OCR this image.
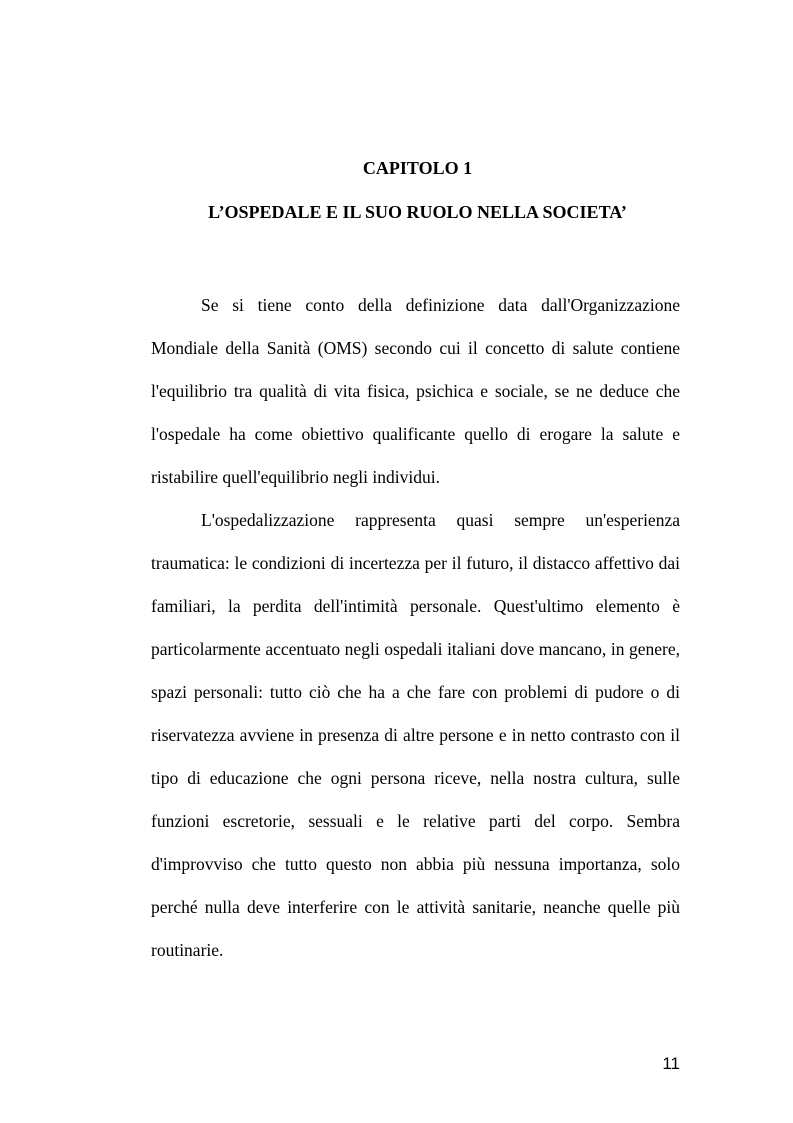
CAPITOLO 1
L’OSPEDALE E IL SUO RUOLO NELLA SOCIETA’

Se si tiene conto della definizione data dall'Organizzazione Mondiale della Sanità (OMS) secondo cui il concetto di salute contiene l'equilibrio tra qualità di vita fisica, psichica e sociale, se ne deduce che l'ospedale ha come obiettivo qualificante quello di erogare la salute e ristabilire quell'equilibrio negli individui.

L'ospedalizzazione rappresenta quasi sempre un'esperienza traumatica: le condizioni di incertezza per il futuro, il distacco affettivo dai familiari, la perdita dell'intimità personale. Quest'ultimo elemento è particolarmente accentuato negli ospedali italiani dove mancano, in genere, spazi personali: tutto ciò che ha a che fare con problemi di pudore o di riservatezza avviene in presenza di altre persone e in netto contrasto con il tipo di educazione che ogni persona riceve, nella nostra cultura, sulle funzioni escretorie, sessuali e le relative parti del corpo. Sembra d'improvviso che tutto questo non abbia più nessuna importanza, solo perché nulla deve interferire con le attività sanitarie, neanche quelle più routinarie.

11
